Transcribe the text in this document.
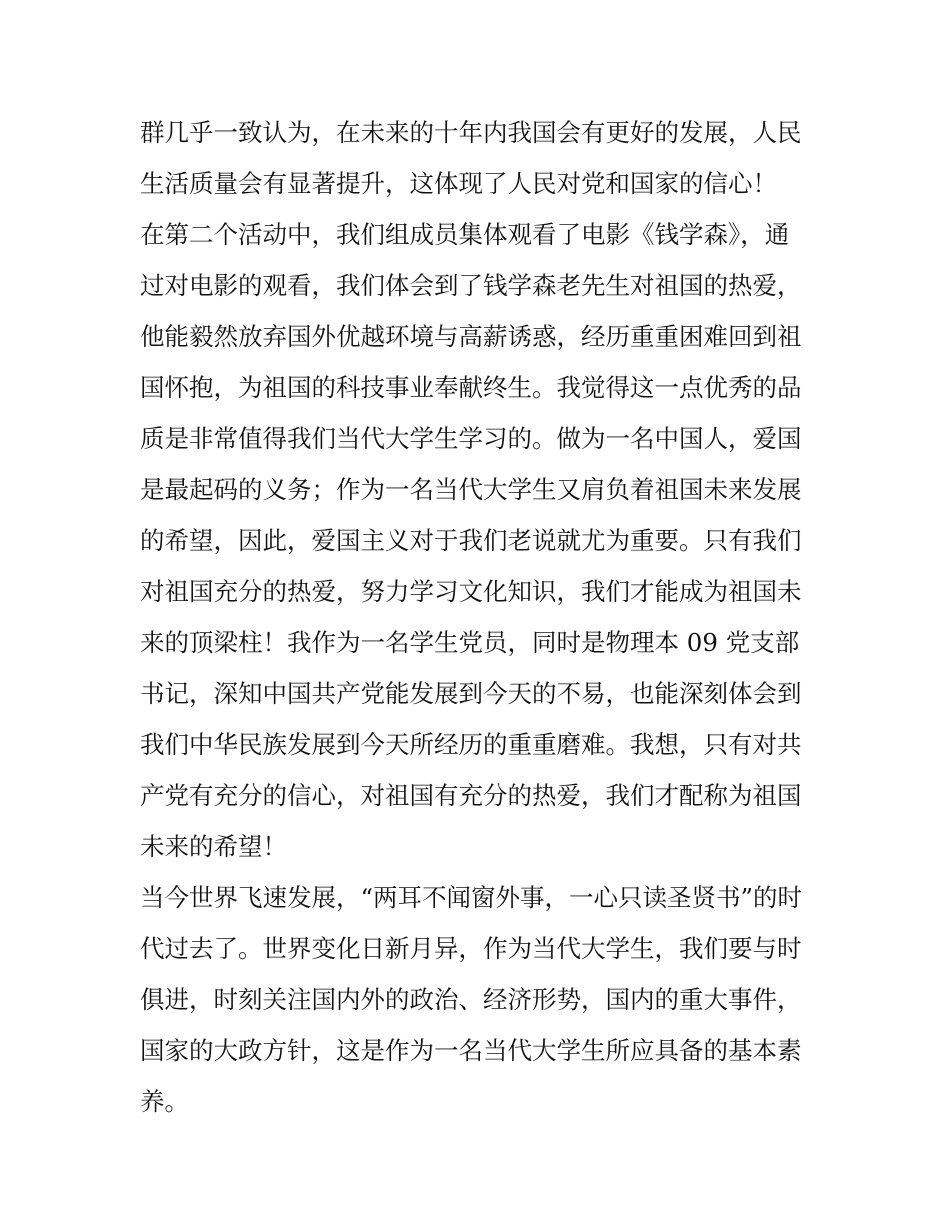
群几乎一致认为，在未来的十年内我国会有更好的发展，人民
生活质量会有显著提升，这体现了人民对党和国家的信心！
在第二个活动中，我们组成员集体观看了电影《钱学森》，通
过对电影的观看，我们体会到了钱学森老先生对祖国的热爱，
他能毅然放弃国外优越环境与高薪诱惑，经历重重困难回到祖
国怀抱，为祖国的科技事业奉献终生。我觉得这一点优秀的品
质是非常值得我们当代大学生学习的。做为一名中国人，爱国
是最起码的义务；作为一名当代大学生又肩负着祖国未来发展
的希望，因此，爱国主义对于我们老说就尤为重要。只有我们
对祖国充分的热爱，努力学习文化知识，我们才能成为祖国未
来的顶梁柱！我作为一名学生党员，同时是物理本 09 党支部
书记，深知中国共产党能发展到今天的不易，也能深刻体会到
我们中华民族发展到今天所经历的重重磨难。我想，只有对共
产党有充分的信心，对祖国有充分的热爱，我们才配称为祖国
未来的希望！
当今世界飞速发展，“两耳不闻窗外事，一心只读圣贤书”的时
代过去了。世界变化日新月异，作为当代大学生，我们要与时
俱进，时刻关注国内外的政治、经济形势，国内的重大事件，
国家的大政方针，这是作为一名当代大学生所应具备的基本素
养。
